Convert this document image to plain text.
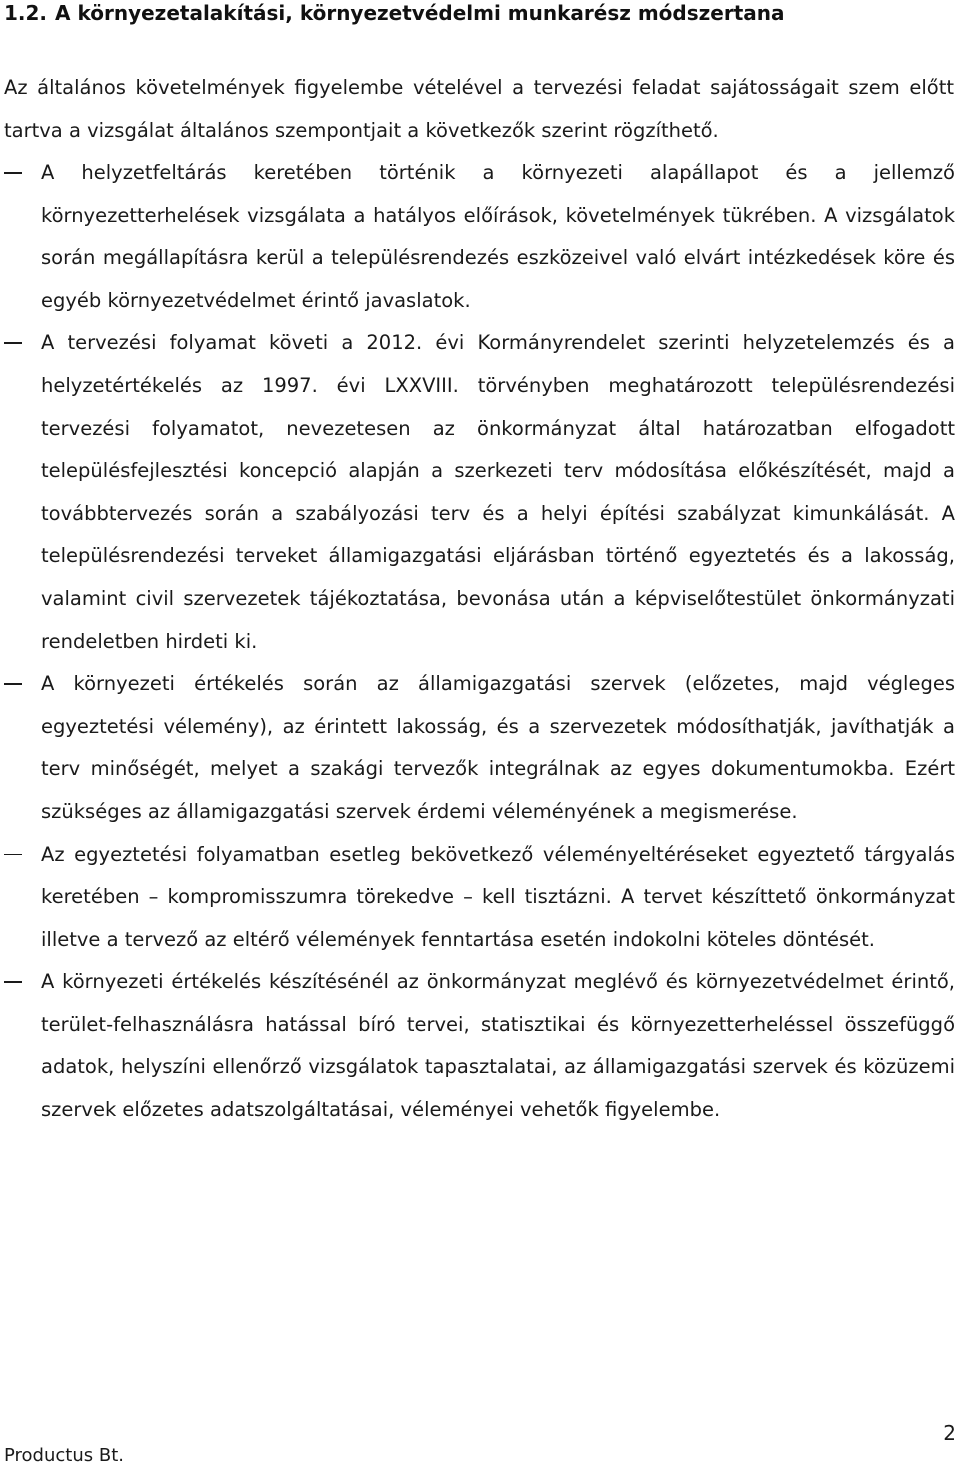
1.2. A környezetalakítási, környezetvédelmi munkarész módszertana

Az általános követelmények figyelembe vételével a tervezési feladat sajátosságait szem előtt tartva a vizsgálat általános szempontjait a következők szerint rögzíthető.

A helyzetfeltárás keretében történik a környezeti alapállapot és a jellemző környezetterhelések vizsgálata a hatályos előírások, követelmények tükrében. A vizsgálatok során megállapításra kerül a településrendezés eszközeivel való elvárt intézkedések köre és egyéb környezetvédelmet érintő javaslatok.
A tervezési folyamat követi a 2012. évi Kormányrendelet szerinti helyzetelemzés és a helyzetértékelés az 1997. évi LXXVIII. törvényben meghatározott településrendezési tervezési folyamatot, nevezetesen az önkormányzat által határozatban elfogadott településfejlesztési koncepció alapján a szerkezeti terv módosítása előkészítését, majd a továbbtervezés során a szabályozási terv és a helyi építési szabályzat kimunkálását. A településrendezési terveket államigazgatási eljárásban történő egyeztetés és a lakosság, valamint civil szervezetek tájékoztatása, bevonása után a képviselőtestület önkormányzati rendeletben hirdeti ki.
A környezeti értékelés során az államigazgatási szervek (előzetes, majd végleges egyeztetési vélemény), az érintett lakosság, és a szervezetek módosíthatják, javíthatják a terv minőségét, melyet a szakági tervezők integrálnak az egyes dokumentumokba. Ezért szükséges az államigazgatási szervek érdemi véleményének a megismerése.
Az egyeztetési folyamatban esetleg bekövetkező véleményeltéréseket egyeztető tárgyalás keretében – kompromisszumra törekedve – kell tisztázni. A tervet készíttető önkormányzat illetve a tervező az eltérő vélemények fenntartása esetén indokolni köteles döntését.
A környezeti értékelés készítésénél az önkormányzat meglévő és környezetvédelmet érintő, terület-felhasználásra hatással bíró tervei, statisztikai és környezetterheléssel összefüggő adatok, helyszíni ellenőrző vizsgálatok tapasztalatai, az államigazgatási szervek és közüzemi szervek előzetes adatszolgáltatásai, véleményei vehetők figyelembe.
Productus Bt.
2
